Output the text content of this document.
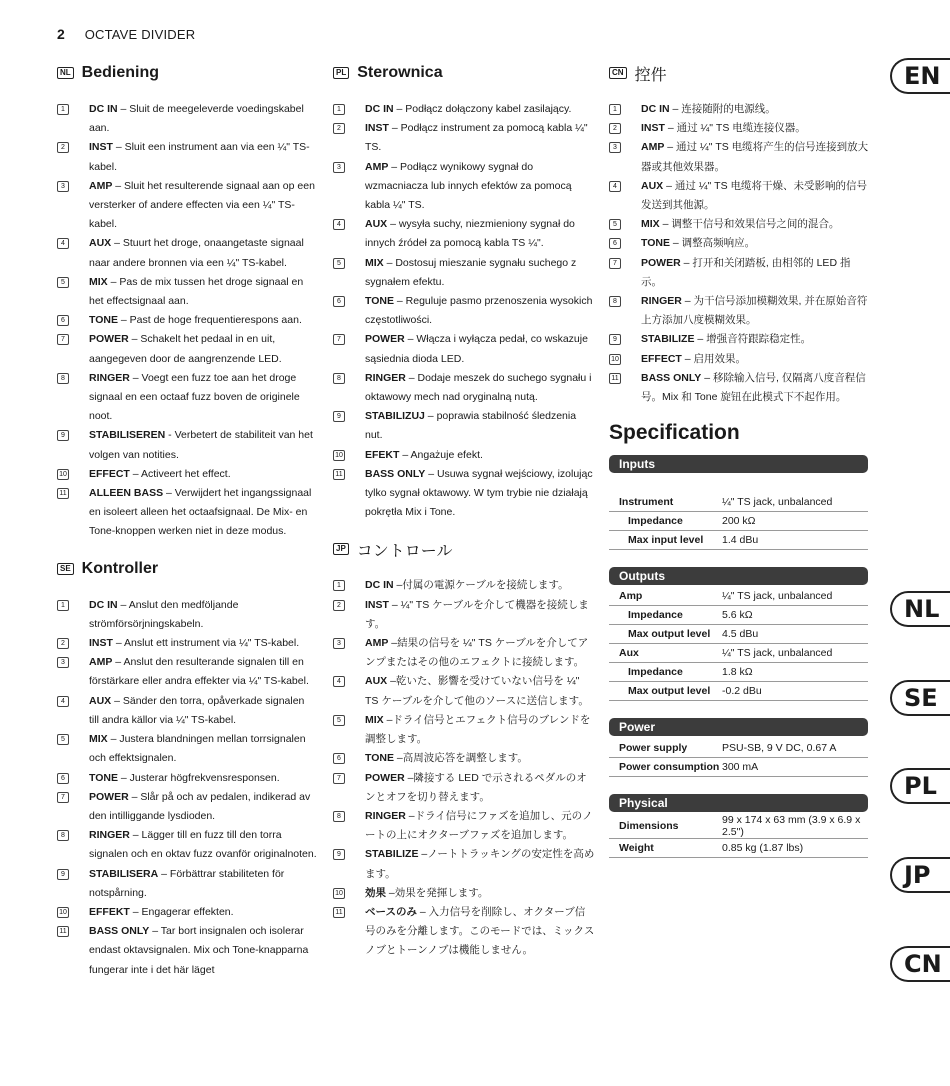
2 OCTAVE DIVIDER
NL Bediening
1	DC IN – Sluit de meegeleverde voedingskabel aan.
2	INST – Sluit een instrument aan via een ¼" TS-kabel.
3	AMP – Sluit het resulterende signaal aan op een versterker of andere effecten via een ¼" TS-kabel.
4	AUX – Stuurt het droge, onaangetaste signaal naar andere bronnen via een ¼" TS-kabel.
5	MIX – Pas de mix tussen het droge signaal en het effectsignaal aan.
6	TONE – Past de hoge frequentierespons aan.
7	POWER – Schakelt het pedaal in en uit, aangegeven door de aangrenzende LED.
8	RINGER – Voegt een fuzz toe aan het droge signaal en een octaaf fuzz boven de originele noot.
9	STABILISEREN - Verbetert de stabiliteit van het volgen van notities.
10 EFFECT – Activeert het effect.
11 ALLEEN BASS – Verwijdert het ingangssignaal en isoleert alleen het octaafsignaal. De Mix- en Tone-knoppen werken niet in deze modus.
SE Kontroller
1	DC IN – Anslut den medföljande strömförsörjningskabeln.
2	INST – Anslut ett instrument via ¼" TS-kabel.
3	AMP – Anslut den resulterande signalen till en förstärkare eller andra effekter via ¼" TS-kabel.
4	AUX – Sänder den torra, opåverkade signalen till andra källor via ¼" TS-kabel.
5	MIX – Justera blandningen mellan torrsignalen och effektsignalen.
6	TONE – Justerar högfrekvensresponsen.
7	POWER – Slår på och av pedalen, indikerad av den intilliggande lysdioden.
8	RINGER – Lägger till en fuzz till den torra signalen och en oktav fuzz ovanför originalnoten.
9	STABILISERA – Förbättrar stabiliteten för notspårning.
10 EFFEKT – Engagerar effekten.
11 BASS ONLY – Tar bort insignalen och isolerar endast oktavsignalen. Mix och Tone-knapparna fungerar inte i det här läget
PL Sterownica
1	DC IN – Podłącz dołączony kabel zasilający.
2	INST – Podłącz instrument za pomocą kabla ¼" TS.
3	AMP – Podłącz wynikowy sygnał do wzmacniacza lub innych efektów za pomocą kabla ¼" TS.
4	AUX – wysyła suchy, niezmieniony sygnał do innych źródeł za pomocą kabla TS ¼".
5	MIX – Dostosuj mieszanie sygnału suchego z sygnałem efektu.
6	TONE – Reguluje pasmo przenoszenia wysokich częstotliwości.
7	POWER – Włącza i wyłącza pedał, co wskazuje sąsiednia dioda LED.
8	RINGER – Dodaje meszek do suchego sygnału i oktawowy mech nad oryginalną nutą.
9	STABILIZUJ – poprawia stabilność śledzenia nut.
10 EFEKT – Angażuje efekt.
11 BASS ONLY – Usuwa sygnał wejściowy, izolując tylko sygnał oktawowy. W tym trybie nie działają pokrętła Mix i Tone.
JP コントロール
1	DC IN –付属の電源ケーブルを接続します。
2	INST – ¼" TS ケーブルを介して機器を接続します。
3	AMP –結果の信号を ¼" TS ケーブルを介してアンプまたはその他のエフェクトに接続します。
4	AUX –乾いた、影響を受けていない信号を ¼" TS ケーブルを介して他のソースに送信します。
5	MIX –ドライ信号とエフェクト信号のブレンドを調整します。
6	TONE –高周波応答を調整します。
7	POWER –隣接する LED で示されるペダルのオンとオフを切り替えます。
8	RINGER –ドライ信号にファズを追加し、元のノートの上にオクターブファズを追加します。
9	STABILIZE –ノートトラッキングの安定性を高めます。
10 効果 –効果を発揮します。
11 ベースのみ – 入力信号を削除し、オクターブ信号のみを分離します。このモードでは、ミックスノブとトーンノブは機能しません。
CN 控件
1	DC IN – 连接随附的电源线。
2	INST – 通过 ¼" TS 电缆连接仪器。
3	AMP – 通过 ¼" TS 电缆将产生的信号连接到放大器或其他效果器。
4	AUX – 通过 ¼" TS 电缆将干燥、未受影响的信号发送到其他源。
5	MIX – 调整干信号和效果信号之间的混合。
6	TONE – 调整高频响应。
7	POWER – 打开和关闭踏板, 由相邻的 LED 指示。
8	RINGER – 为干信号添加模糊效果, 并在原始音符上方添加八度模糊效果。
9	STABILIZE – 增强音符跟踪稳定性。
10 EFFECT – 启用效果。
11 BASS ONLY – 移除输入信号, 仅隔离八度音程信号。Mix 和 Tone 旋钮在此模式下不起作用。
Specification
Inputs
Instrument	¼" TS jack, unbalanced
Impedance	200 kΩ
Max input level	1.4 dBu
Outputs
Amp	¼" TS jack, unbalanced
Impedance	5.6 kΩ
Max output level	4.5 dBu
Aux	¼" TS jack, unbalanced
Impedance	1.8 kΩ
Max output level	-0.2 dBu
Power
Power supply	PSU-SB, 9 V DC, 0.67 A
Power consumption	300 mA
Physical
Dimensions	99 x 174 x 63 mm (3.9 x 6.9 x 2.5")
Weight	0.85 kg (1.87 lbs)
EN
NL
SE
PL
JP
CN
